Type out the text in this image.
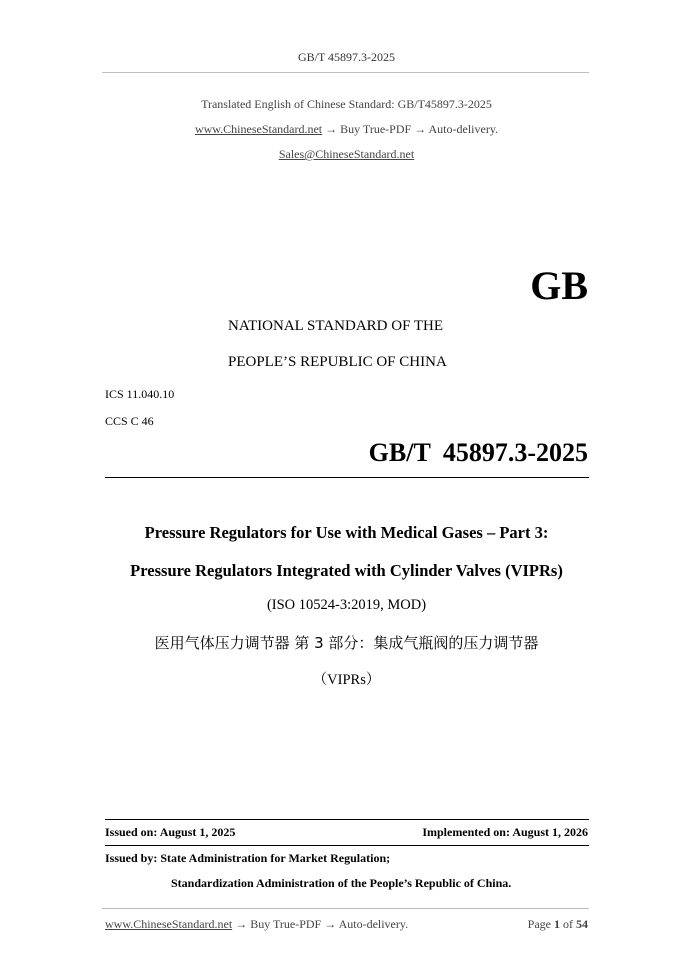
GB/T 45897.3-2025
Translated English of Chinese Standard: GB/T45897.3-2025
www.ChineseStandard.net → Buy True-PDF → Auto-delivery.
Sales@ChineseStandard.net
GB
NATIONAL STANDARD OF THE
PEOPLE’S REPUBLIC OF CHINA
ICS 11.040.10
CCS C 46
GB/T 45897.3-2025
Pressure Regulators for Use with Medical Gases – Part 3:
Pressure Regulators Integrated with Cylinder Valves (VIPRs)
(ISO 10524-3:2019, MOD)
医用气体压力调节器 第 3 部分：集成气瓶阀的压力调节器
（VIPRs）
Issued on: August 1, 2025	Implemented on: August 1, 2026
Issued by: State Administration for Market Regulation;
Standardization Administration of the People’s Republic of China.
www.ChineseStandard.net → Buy True-PDF → Auto-delivery.	Page 1 of 54
